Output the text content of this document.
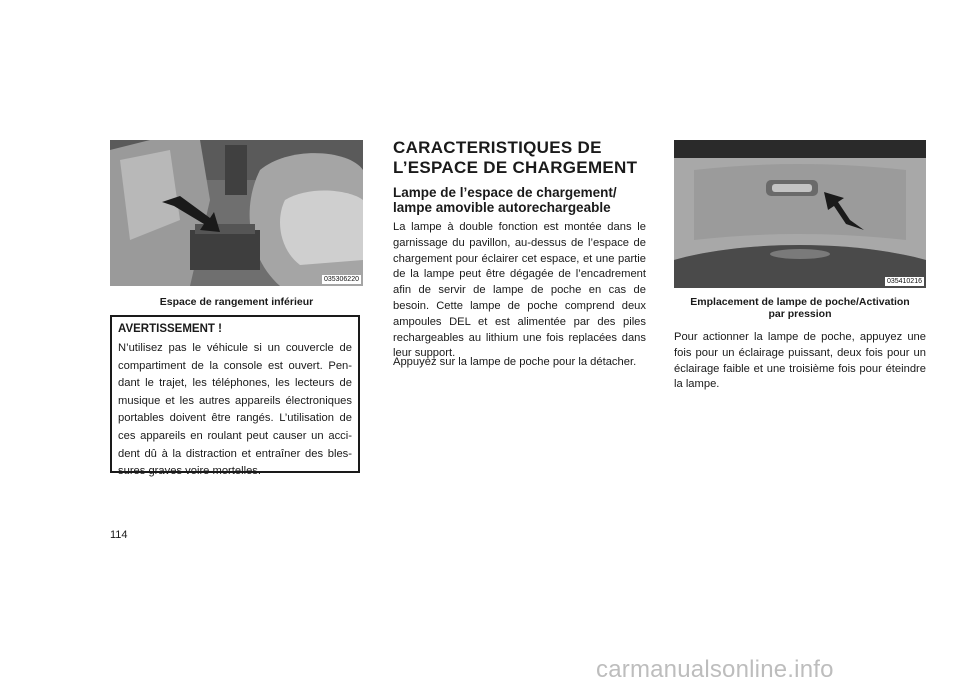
035306220
Espace de rangement inférieur

AVERTISSEMENT !

N’utilisez pas le véhicule si un couvercle de compartiment de la console est ouvert. Pendant le trajet, les téléphones, les lecteurs de musique et les autres appareils électroniques portables doivent être rangés. L’utilisation de ces appareils en roulant peut causer un accident dû à la distraction et entraîner des blessures graves voire mortelles.

CARACTERISTIQUES DE
L’ESPACE DE CHARGEMENT
Lampe de l’espace de chargement/
lampe amovible autorechargeable

La lampe à double fonction est montée dans le garnissage du pavillon, au-dessus de l’espace de chargement pour éclairer cet espace, et une partie de la lampe peut être dégagée de l’encadrement afin de servir de lampe de poche en cas de besoin. Cette lampe de poche comprend deux ampoules DEL et est alimentée par des piles rechargeables au lithium une fois replacées dans leur support.

Appuyez sur la lampe de poche pour la détacher.

035410216
Emplacement de lampe de poche/Activation
par pression

Pour actionner la lampe de poche, appuyez une fois pour un éclairage puissant, deux fois pour un éclairage faible et une troisième fois pour éteindre la lampe.

114
carmanualsonline.info
